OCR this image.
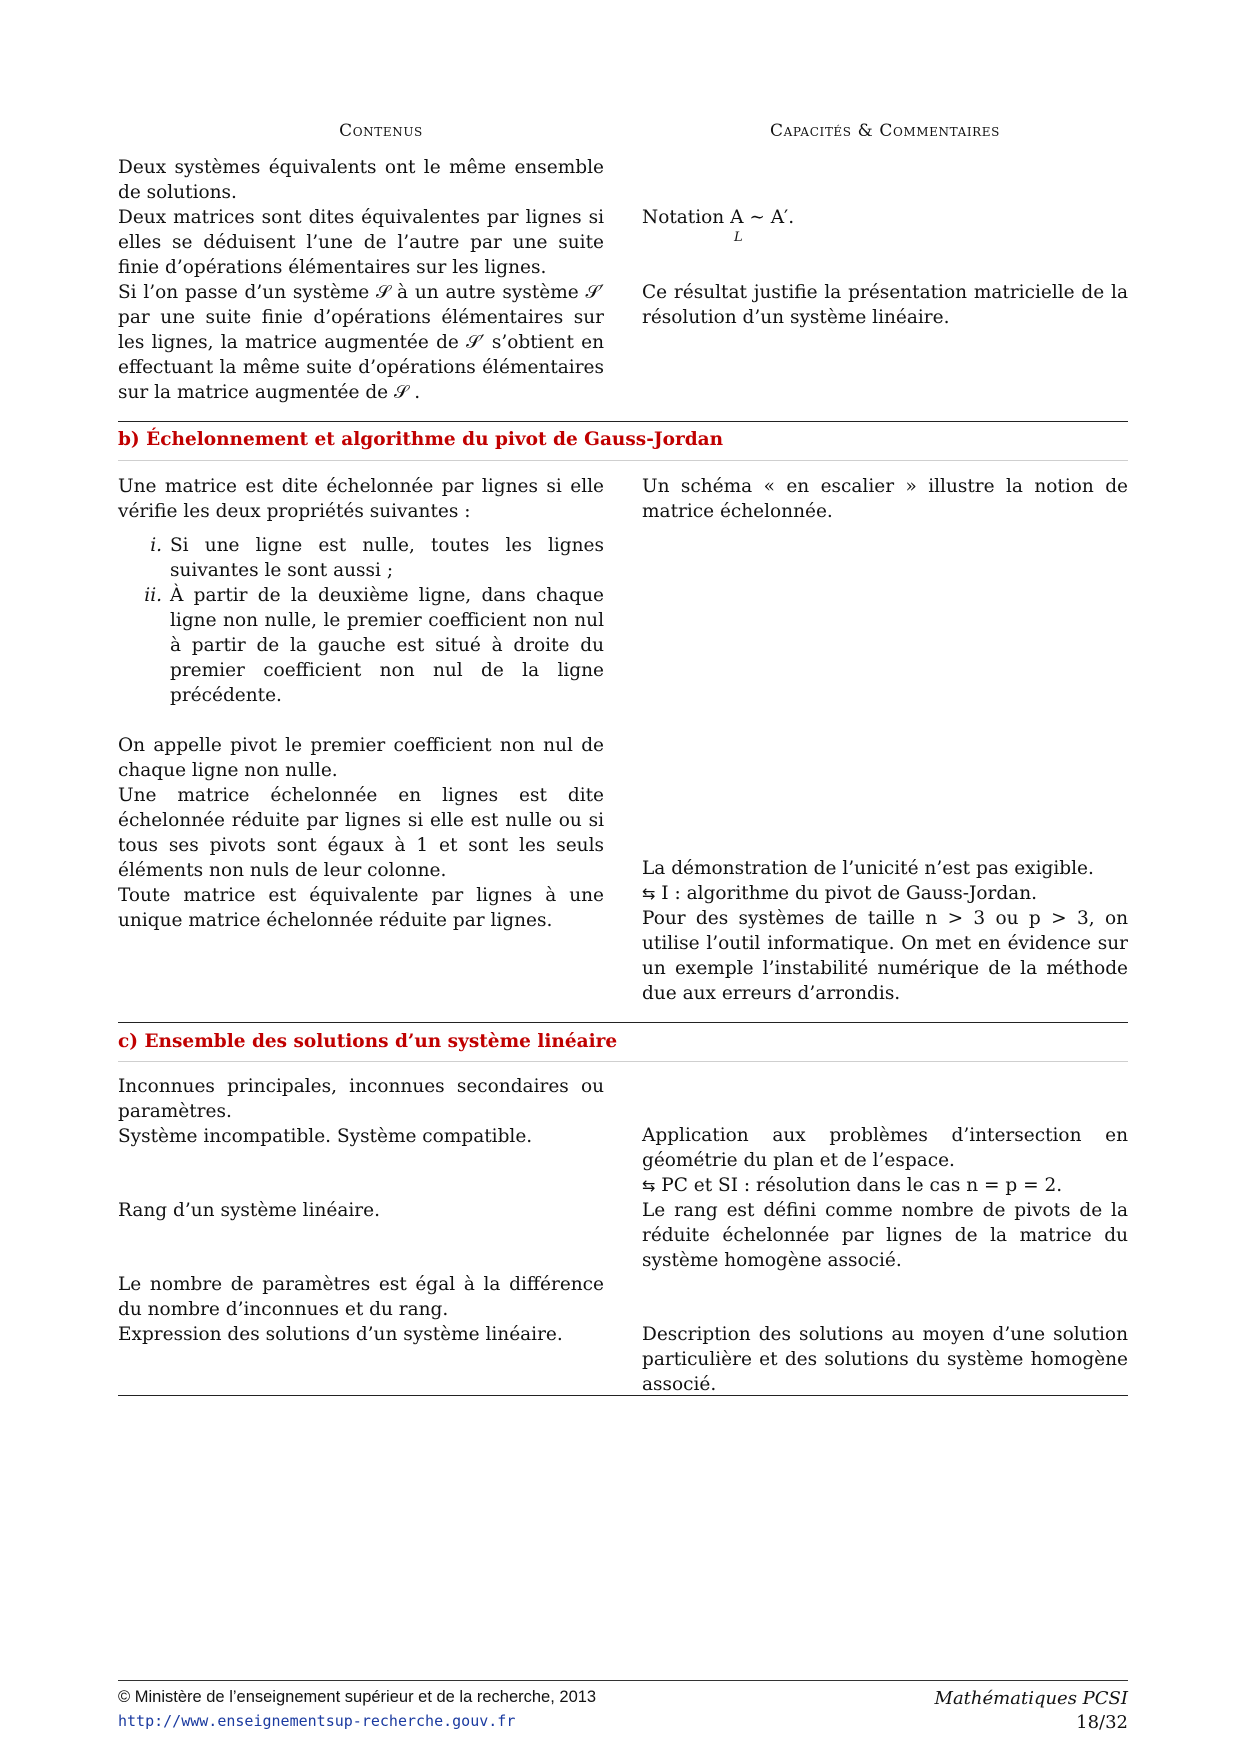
Contenus	Capacités & Commentaires

Deux systèmes équivalents ont le même ensemble de solutions.

Deux matrices sont dites équivalentes par lignes si elles se déduisent l’une de l’autre par une suite finie d’opérations élémentaires sur les lignes.

Si l’on passe d’un système 𝒮 à un autre système 𝒮′ par une suite finie d’opérations élémentaires sur les lignes, la matrice augmentée de 𝒮′ s’obtient en effectuant la même suite d’opérations élémentaires sur la matrice augmentée de 𝒮 .

Notation A ∼ A′.
L
Ce résultat justifie la présentation matricielle de la résolution d’un système linéaire.
b) Échelonnement et algorithme du pivot de Gauss-Jordan

Une matrice est dite échelonnée par lignes si elle vérifie les deux propriétés suivantes :

i. Si une ligne est nulle, toutes les lignes suivantes le sont aussi ;
ii. À partir de la deuxième ligne, dans chaque ligne non nulle, le premier coefficient non nul à partir de la gauche est situé à droite du premier coefficient non nul de la ligne précédente.

On appelle pivot le premier coefficient non nul de chaque ligne non nulle.

Une matrice échelonnée en lignes est dite échelonnée réduite par lignes si elle est nulle ou si tous ses pivots sont égaux à 1 et sont les seuls éléments non nuls de leur colonne.

Toute matrice est équivalente par lignes à une unique matrice échelonnée réduite par lignes.

Un schéma « en escalier » illustre la notion de matrice échelonnée.

La démonstration de l’unicité n’est pas exigible.

⇆ I : algorithme du pivot de Gauss-Jordan.

Pour des systèmes de taille n > 3 ou p > 3, on utilise l’outil informatique. On met en évidence sur un exemple l’instabilité numérique de la méthode due aux erreurs d’arrondis.

c) Ensemble des solutions d’un système linéaire

Inconnues principales, inconnues secondaires ou paramètres.

Système incompatible. Système compatible.

Rang d’un système linéaire.

Le nombre de paramètres est égal à la différence du nombre d’inconnues et du rang.

Expression des solutions d’un système linéaire.

Application aux problèmes d’intersection en géométrie du plan et de l’espace.

⇆ PC et SI : résolution dans le cas n = p = 2.

Le rang est défini comme nombre de pivots de la réduite échelonnée par lignes de la matrice du système homogène associé.

Description des solutions au moyen d’une solution particulière et des solutions du système homogène associé.
© Ministère de l’enseignement supérieur et de la recherche, 2013
http://www.enseignementsup-recherche.gouv.fr
Mathématiques PCSI
18/32
